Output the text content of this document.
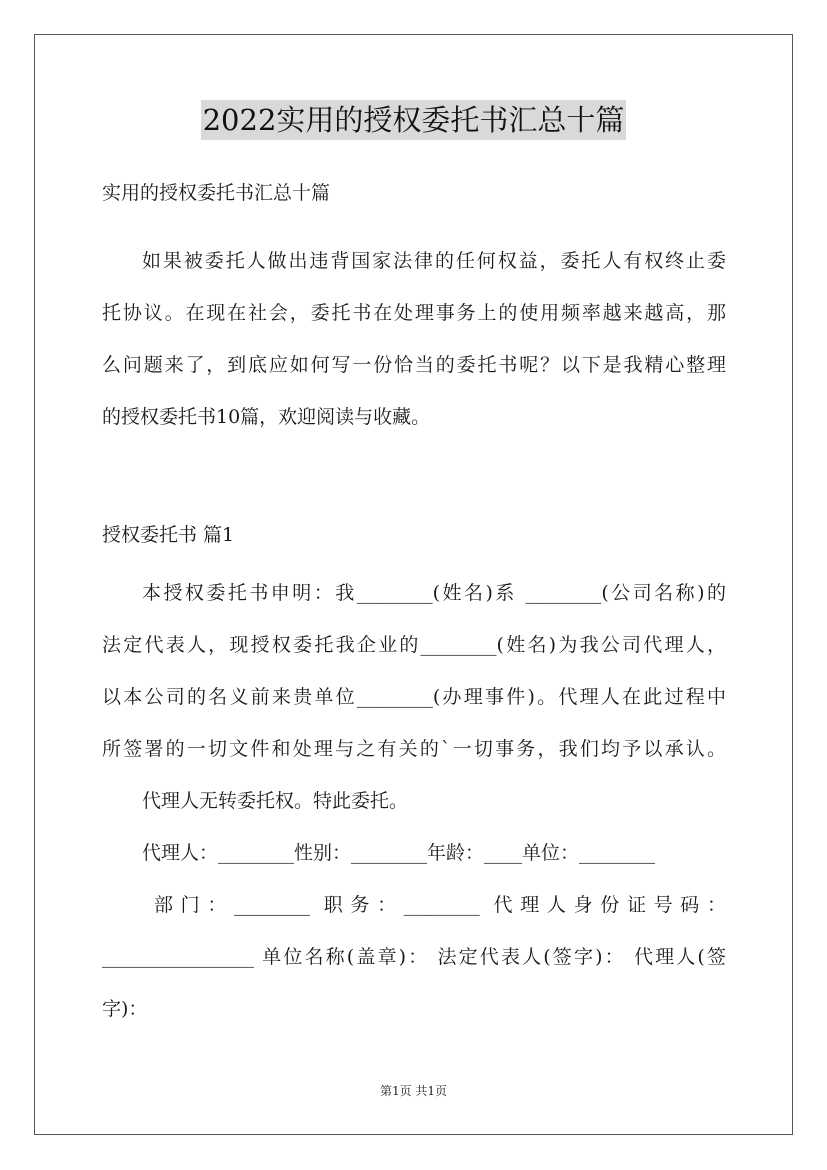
2022实用的授权委托书汇总十篇

实用的授权委托书汇总十篇

如果被委托人做出违背国家法律的任何权益，委托人有权终止委

托协议。在现在社会，委托书在处理事务上的使用频率越来越高，那

么问题来了，到底应如何写一份恰当的委托书呢？以下是我精心整理

的授权委托书10篇，欢迎阅读与收藏。

授权委托书 篇1

本授权委托书申明：我________(姓名)系 ________(公司名称)的

法定代表人，现授权委托我企业的________(姓名)为我公司代理人，

以本公司的名义前来贵单位________(办理事件)。代理人在此过程中

所签署的一切文件和处理与之有关的`一切事务，我们均予以承认。

代理人无转委托权。特此委托。

代理人：________性别：________年龄：____单位：________

部门：________ 职务：________ 代理人身份证号码：

________________ 单位名称(盖章)： 法定代表人(签字)： 代理人(签

字)：

第1页 共1页
